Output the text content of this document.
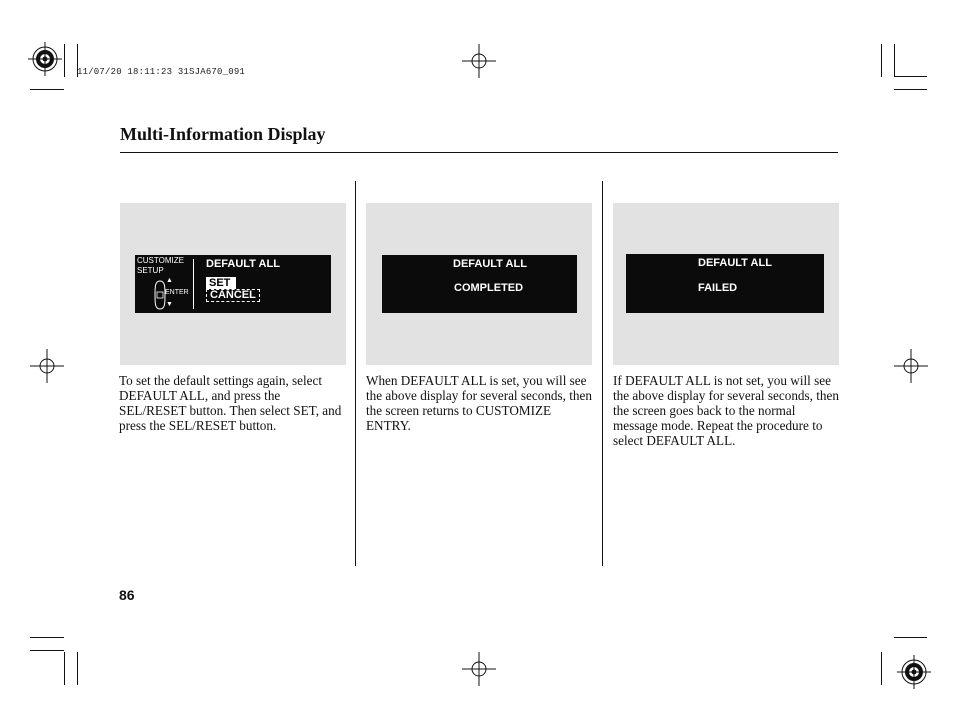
11/07/20 18:11:23 31SJA670_091
Multi-Information Display
CUSTOMIZE
SETUP
▲
ENTER
▼
DEFAULT ALL
SET
CANCEL
DEFAULT ALL
COMPLETED
DEFAULT ALL
FAILED
To set the default settings again, select DEFAULT ALL, and press the SEL/RESET button. Then select SET, and press the SEL/RESET button.
When DEFAULT ALL is set, you will see the above display for several seconds, then the screen returns to CUSTOMIZE ENTRY.
If DEFAULT ALL is not set, you will see the above display for several seconds, then the screen goes back to the normal message mode. Repeat the procedure to select DEFAULT ALL.
86
